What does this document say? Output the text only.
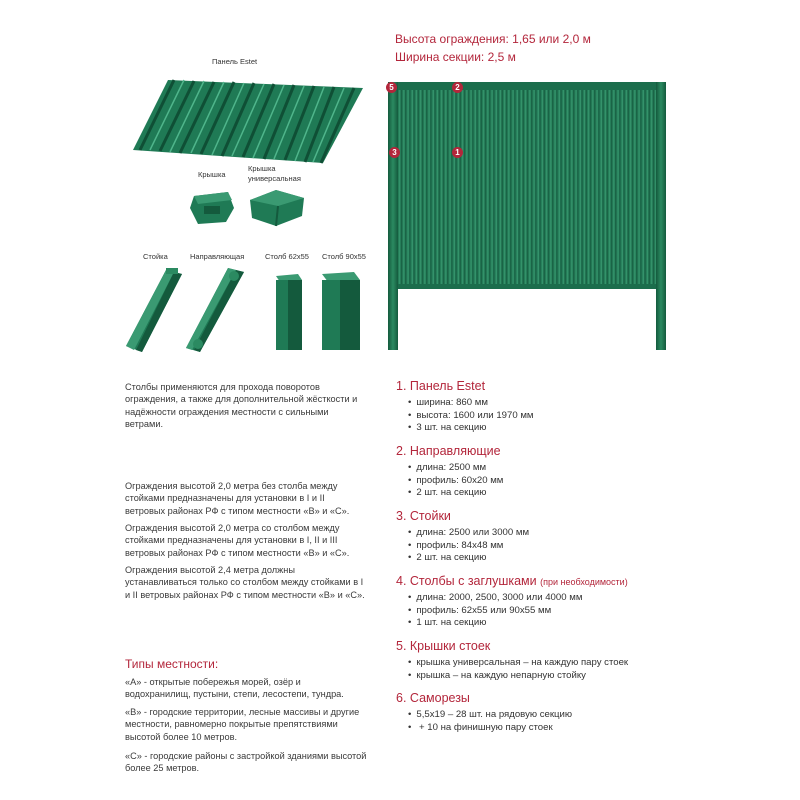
Панель Estet
Крышка
Крышка
универсальная
Стойка	Направляющая	Столб 62х55 Столб 90х55
Высота ограждения: 1,65 или 2,0 м
Ширина секции: 2,5 м
5	2
3	1
Столбы применяются для прохода поворотов ограждения, а также для дополнительной жёсткости и надёжности ограждения местности с сильными ветрами.
Ограждения высотой 2,0 метра без столба между стойками предназначены для установки в I и II ветровых районах РФ с типом местности «В» и «С».
Ограждения высотой 2,0 метра со столбом между стойками предназначены для установки в I, II и III ветровых районах РФ с типом местности «В» и «С».
Ограждения высотой 2,4 метра должны устанавливаться только со столбом между стойками в I и II ветровых районах РФ с типом местности «В» и «С».
Типы местности:
«А» - открытые побережья морей, озёр и водохранилищ, пустыни, степи, лесостепи, тундра.
«В» - городские территории, лесные массивы и другие местности, равномерно покрытые препятствиями высотой более 10 метров.
«С» - городские районы с застройкой зданиями высотой более 25 метров.
1. Панель Estet
• ширина: 860 мм
• высота: 1600 или 1970 мм
• 3 шт. на секцию
2. Направляющие
• длина: 2500 мм
• профиль: 60х20 мм
• 2 шт. на секцию
3. Стойки
• длина: 2500 или 3000 мм
• профиль: 84х48 мм
• 2 шт. на секцию
4. Столбы с заглушками (при необходимости)
• длина: 2000, 2500, 3000 или 4000 мм
• профиль: 62х55 или 90х55 мм
• 1 шт. на секцию
5. Крышки стоек
• крышка универсальная – на каждую пару стоек
• крышка – на каждую непарную стойку
6. Саморезы
• 5,5х19 – 28 шт. на рядовую секцию
• + 10 на финишную пару стоек
